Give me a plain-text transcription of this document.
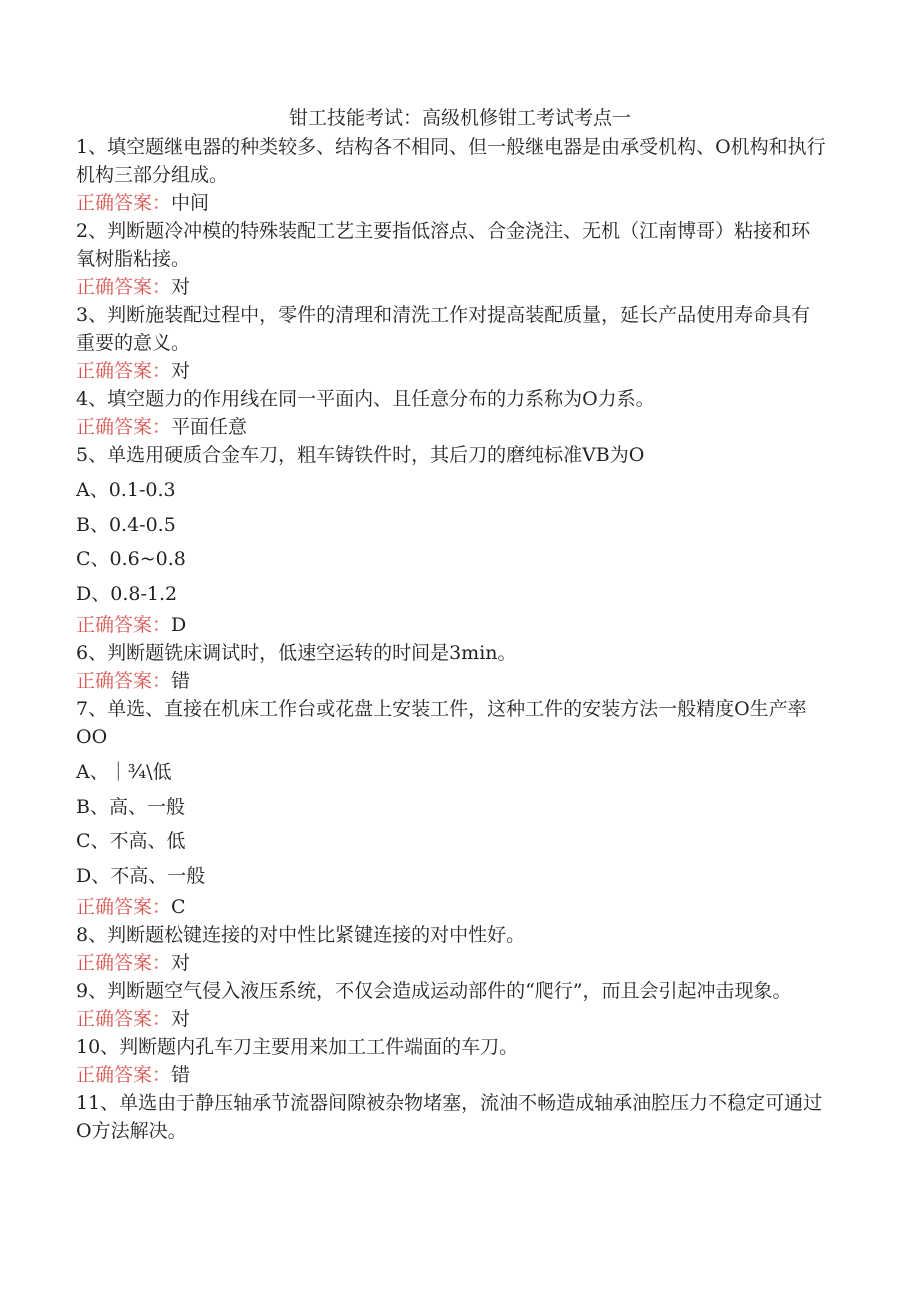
钳工技能考试：高级机修钳工考试考点一

1、填空题继电器的种类较多、结构各不相同、但一般继电器是由承受机构、O机构和执行机构三部分组成。

正确答案：中间

2、判断题冷冲模的特殊装配工艺主要指低溶点、合金浇注、无机（江南博哥）粘接和环氧树脂粘接。

正确答案：对

3、判断施装配过程中，零件的清理和清洗工作对提高装配质量，延长产品使用寿命具有重要的意义。

正确答案：对

4、填空题力的作用线在同一平面内、且任意分布的力系称为O力系。

正确答案：平面任意

5、单选用硬质合金车刀，粗车铸铁件时，其后刀的磨纯标准VB为O

A、0.1-0.3

B、0.4-0.5

C、0.6~0.8

D、0.8-1.2

正确答案：D

6、判断题铣床调试时，低速空运转的时间是3min。

正确答案：错

7、单选、直接在机床工作台或花盘上安装工件，这种工件的安装方法一般精度O生产率OO

A、｜¾\低

B、高、一般

C、不高、低

D、不高、一般

正确答案：C

8、判断题松键连接的对中性比紧键连接的对中性好。

正确答案：对

9、判断题空气侵入液压系统，不仅会造成运动部件的“爬行”，而且会引起冲击现象。

正确答案：对

10、判断题内孔车刀主要用来加工工件端面的车刀。

正确答案：错

11、单选由于静压轴承节流器间隙被杂物堵塞，流油不畅造成轴承油腔压力不稳定可通过O方法解决。
